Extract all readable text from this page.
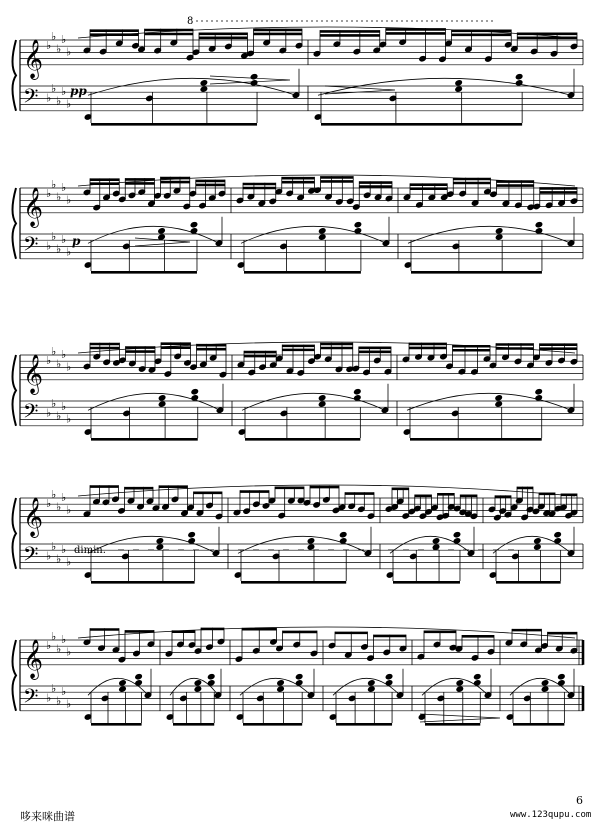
𝄞
𝄢
♭
♭
♭
♭
♭
♭
♭
♭
♭
♭
𝄞
𝄢
♭
♭
♭
♭
♭
♭
♭
♭
♭
♭
𝄞
𝄢
♭
♭
♭
♭
♭
♭
♭
♭
♭
♭
𝄞
𝄢
♭
♭
♭
♭
♭
♭
♭
♭
♭
♭
𝄞
𝄢
♭
♭
♭
♭
♭
♭
♭
♭
♭
♭
pp
p
dimin.
8
6
哆来咪曲谱	www.123qupu.com
